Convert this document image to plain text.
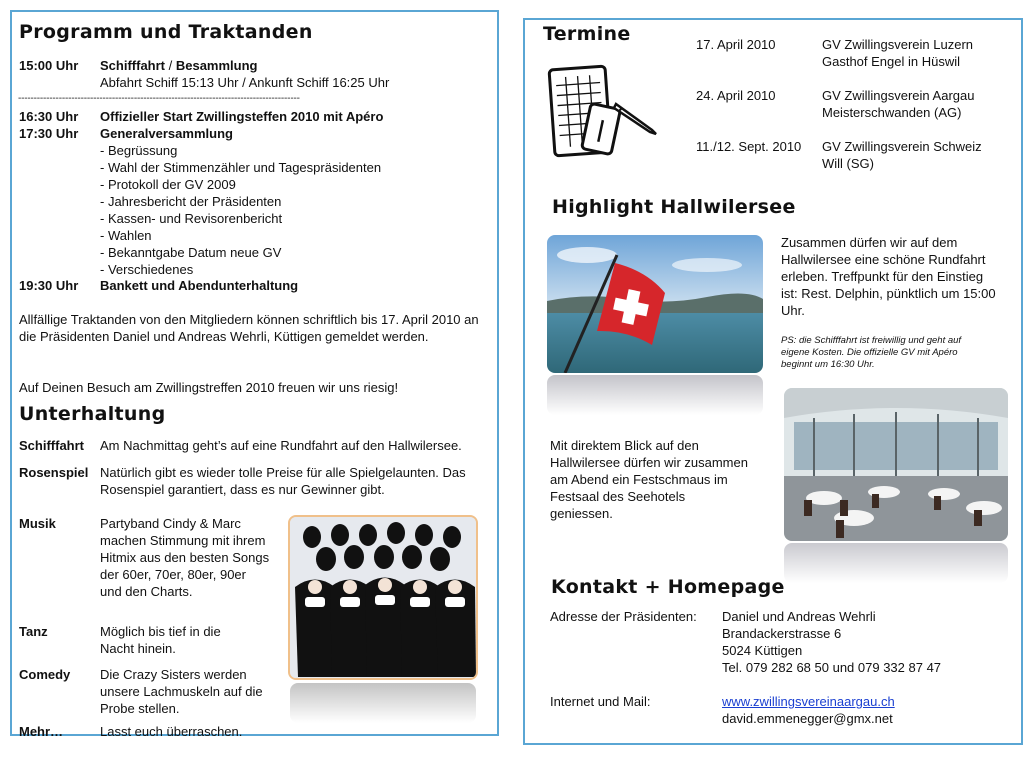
Programm und Traktanden
15:00 Uhr Schifffahrt / Besammlung
Abfahrt Schiff 15:13 Uhr / Ankunft Schiff 16:25 Uhr
------------------------------------------------------------------------------------------
16:30 Uhr Offizieller Start Zwillingsteffen 2010 mit Apéro
17:30 Uhr Generalversammlung
- Begrüssung
- Wahl der Stimmenzähler und Tagespräsidenten
- Protokoll der GV 2009
- Jahresbericht der Präsidenten
- Kassen- und Revisorenbericht
- Wahlen
- Bekanntgabe Datum neue GV
- Verschiedenes
19:30 Uhr Bankett und Abendunterhaltung
Allfällige Traktanden von den Mitgliedern können schriftlich bis 17. April 2010 an die Präsidenten Daniel und Andreas Wehrli, Küttigen gemeldet werden.
Auf Deinen Besuch am Zwillingstreffen 2010 freuen wir uns riesig!
Unterhaltung
Schifffahrt Am Nachmittag geht’s auf eine Rundfahrt auf den Hallwilersee.
Rosenspiel Natürlich gibt es wieder tolle Preise für alle Spielgelaunten. Das Rosenspiel garantiert, dass es nur Gewinner gibt.
Musik	Partyband Cindy & Marc machen Stimmung mit ihrem Hitmix aus den besten Songs der 60er, 70er, 80er, 90er und den Charts.
Tanz	Möglich bis tief in die Nacht hinein.
Comedy Die Crazy Sisters werden unsere Lachmuskeln auf die Probe stellen.
Mehr…	Lasst euch überraschen.
Termine	17. April 2010	GV Zwillingsverein Luzern
Gasthof Engel in Hüswil
24. April 2010	GV Zwillingsverein Aargau
Meisterschwanden (AG)
11./12. Sept. 2010 GV Zwillingsverein Schweiz
Will (SG)
Highlight Hallwilersee
Zusammen dürfen wir auf dem Hallwilersee eine schöne Rundfahrt erleben. Treffpunkt für den Einstieg ist: Rest. Delphin, pünktlich um 15:00 Uhr.
PS: die Schifffahrt ist freiwillig und geht auf eigene Kosten. Die offizielle GV mit Apéro beginnt um 16:30 Uhr.
Mit direktem Blick auf den Hallwilersee dürfen wir zusammen am Abend ein Festschmaus im Festsaal des Seehotels geniessen.
Kontakt + Homepage
Adresse der Präsidenten: Daniel und Andreas Wehrli
Brandackerstrasse 6
5024 Küttigen
Tel. 079 282 68 50 und 079 332 87 47
Internet und Mail:	www.zwillingsvereinaargau.ch
david.emmenegger@gmx.net
